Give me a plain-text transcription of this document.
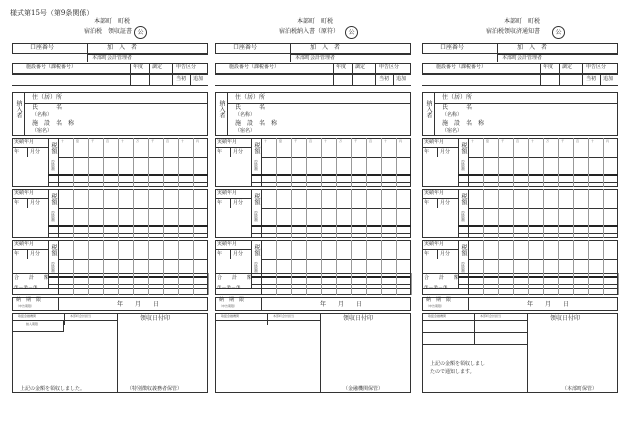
様式第15号（第9条関係）
本部町　町税
宿泊税　領収証書 公
口座番号	加　入　者
本部町会計管理者
施設番号（課税番号）	年度 調定	申告区分
当初 追加
納入者
住（居）所
氏　　　名
（名称）
施　設　名　称
（宿名）
実績年月
年 月分 税額
控除額
十	億	千	百	十	万	千	百	十	円
実績年月
年 月分 税額
控除額
実績年月
年 月分 税額
控除額
合　　計　　額
①－②－③
納　期　限
（申告期限）	年　　月　　日
取扱金融機関	本部町会計担当	領収日付印
納入期限
上記の金額を領収しました。	（特別徴収義務者保管）
本部町　町税
宿泊税納入書（原符）	公
口座番号	加　入　者
本部町会計管理者
施設番号（課税番号）	年度 調定	申告区分
当初 追加
納入者
住（居）所
氏　　　名
（名称）
施　設　名　称
（宿名）
実績年月
年 月分 税額
控除額
十	億	千	百	十	万	千	百	十	円
実績年月
年 月分 税額
控除額
実績年月
年 月分 税額
控除額
合　　計　　額
①－②－③
納　期　限
（申告期限）	年　　月　　日
取扱金融機関	本部町会計担当	領収日付印
（金融機関保管）
本部町　町税
宿泊税領収済通知書	公
口座番号	加　入　者
本部町会計管理者
施設番号（課税番号）	年度 調定	申告区分
当初 追加
納入者
住（居）所
氏　　　名
（名称）
施　設　名　称
（宿名）
実績年月
年 月分 税額
控除額
十	億	千	百	十	万	千	百	十	円
実績年月
年 月分 税額
控除額
実績年月
年 月分 税額
控除額
合　　計　　額
①－②－③
納　期　限
（申告期限）	年　　月　　日
取扱金融機関	本部町会計担当	領収日付印
上記の金額を領収しまし
たので通知します。
（本部町保管）
